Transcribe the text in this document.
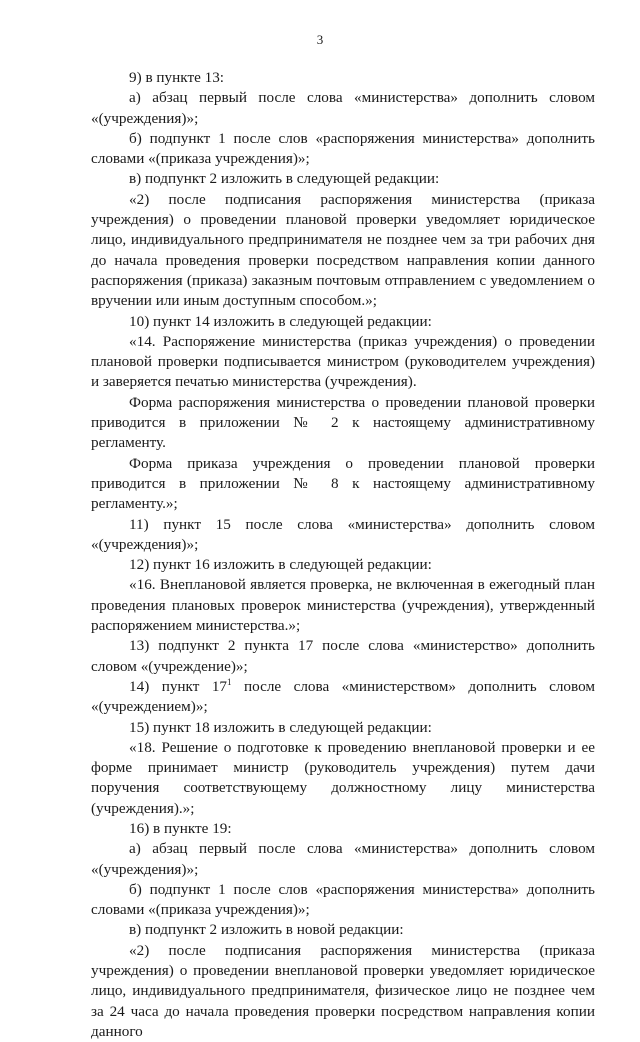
3

9) в пункте 13:

а) абзац первый после слова «министерства» дополнить словом «(учреждения)»;

б) подпункт 1 после слов «распоряжения министерства» дополнить словами «(приказа учреждения)»;

в) подпункт 2 изложить в следующей редакции:

«2) после подписания распоряжения министерства (приказа учреждения) о проведении плановой проверки уведомляет юридическое лицо, индивидуального предпринимателя не позднее чем за три рабочих дня до начала проведения проверки посредством направления копии данного распоряжения (приказа) заказным почтовым отправлением с уведомлением о вручении или иным доступным способом.»;

10) пункт 14 изложить в следующей редакции:

«14. Распоряжение министерства (приказ учреждения) о проведении плановой проверки подписывается министром (руководителем учреждения) и заверяется печатью министерства (учреждения).

Форма распоряжения министерства о проведении плановой проверки приводится в приложении № 2 к настоящему административному регламенту.

Форма приказа учреждения о проведении плановой проверки приводится в приложении № 8 к настоящему административному регламенту.»;

11) пункт 15 после слова «министерства» дополнить словом «(учреждения)»;

12) пункт 16 изложить в следующей редакции:

«16. Внеплановой является проверка, не включенная в ежегодный план проведения плановых проверок министерства (учреждения), утвержденный распоряжением министерства.»;

13) подпункт 2 пункта 17 после слова «министерство» дополнить словом «(учреждение)»;

14) пункт $17^1$ после слова «министерством» дополнить словом «(учреждением)»;

15) пункт 18 изложить в следующей редакции:

«18. Решение о подготовке к проведению внеплановой проверки и ее форме принимает министр (руководитель учреждения) путем дачи поручения соответствующему должностному лицу министерства (учреждения).»;

16) в пункте 19:

а) абзац первый после слова «министерства» дополнить словом «(учреждения)»;

б) подпункт 1 после слов «распоряжения министерства» дополнить словами «(приказа учреждения)»;

в) подпункт 2 изложить в новой редакции:

«2) после подписания распоряжения министерства (приказа учреждения) о проведении внеплановой проверки уведомляет юридическое лицо, индивидуального предпринимателя, физическое лицо не позднее чем за 24 часа до начала проведения проверки посредством направления копии данного
